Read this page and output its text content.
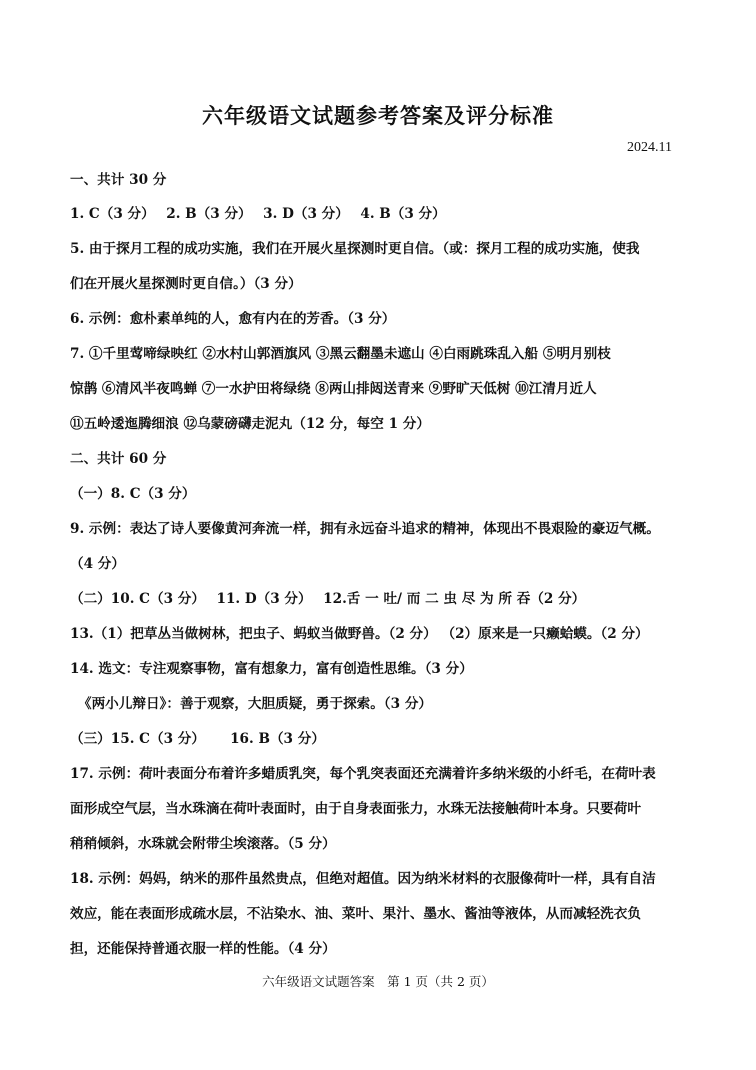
六年级语文试题参考答案及评分标准
2024.11
一、共计 30 分
1. C（3 分）　 2. B（3 分）　 3. D（3 分）　 4. B（3 分）
5. 由于探月工程的成功实施，我们在开展火星探测时更自信。（或：探月工程的成功实施，使我
们在开展火星探测时更自信。）（3 分）
6. 示例：愈朴素单纯的人，愈有内在的芳香。（3 分）
7. ①千里莺啼绿映红 ②水村山郭酒旗风 ③黑云翻墨未遮山 ④白雨跳珠乱入船 ⑤明月别枝
惊鹊 ⑥清风半夜鸣蝉 ⑦一水护田将绿绕 ⑧两山排闼送青来 ⑨野旷天低树 ⑩江清月近人
⑪五岭逶迤腾细浪 ⑫乌蒙磅礴走泥丸（12 分，每空 1 分）
二、共计 60 分
（一）8. C（3 分）
9. 示例：表达了诗人要像黄河奔流一样，拥有永远奋斗追求的精神，体现出不畏艰险的豪迈气概。
（4 分）
（二）10. C（3 分）　 11. D（3 分）　 12.舌 一 吐/ 而 二 虫 尽 为 所 吞（2 分）
13.（1）把草丛当做树林，把虫子、蚂蚁当做野兽。（2 分） （2）原来是一只癞蛤蟆。（2 分）
14. 选文：专注观察事物，富有想象力，富有创造性思维。（3 分）
《两小儿辩日》：善于观察，大胆质疑，勇于探索。（3 分）
（三）15. C（3 分）　　 16. B（3 分）
17. 示例：荷叶表面分布着许多蜡质乳突，每个乳突表面还充满着许多纳米级的小纤毛，在荷叶表
面形成空气层，当水珠滴在荷叶表面时，由于自身表面张力，水珠无法接触荷叶本身。只要荷叶
稍稍倾斜，水珠就会附带尘埃滚落。（5 分）
18. 示例：妈妈，纳米的那件虽然贵点，但绝对超值。因为纳米材料的衣服像荷叶一样，具有自洁
效应，能在表面形成疏水层，不沾染水、油、菜叶、果汁、墨水、酱油等液体，从而减轻洗衣负
担，还能保持普通衣服一样的性能。（4 分）
六年级语文试题答案　第 1 页（共 2 页）
